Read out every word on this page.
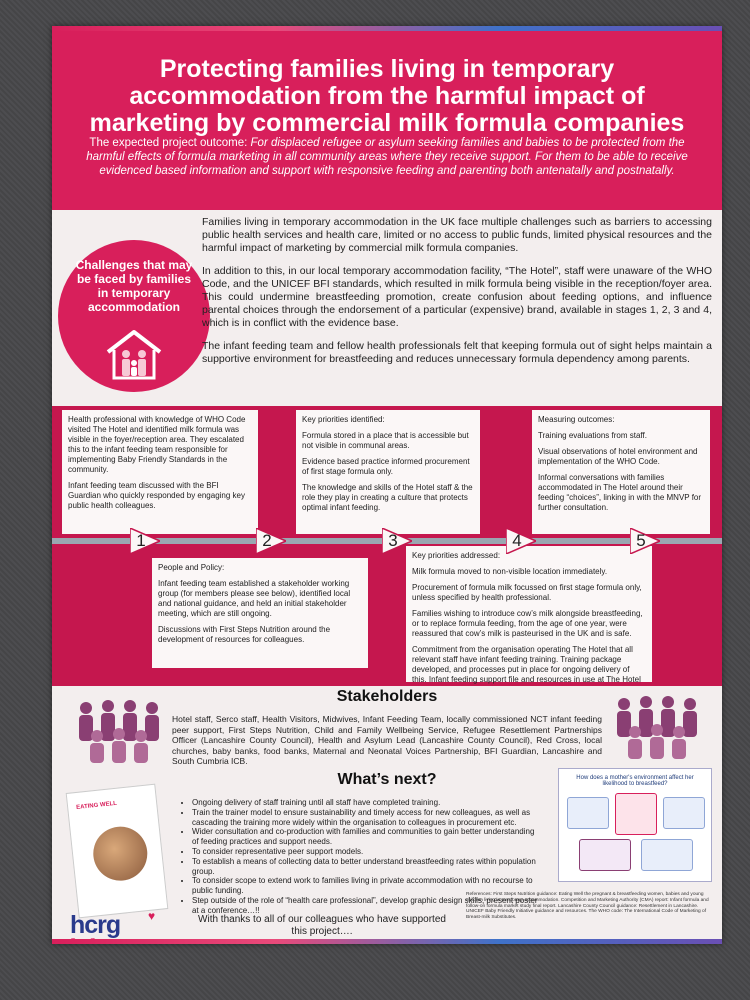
Protecting families living in temporary accommodation from the harmful impact of marketing by commercial milk formula companies
The expected project outcome: For displaced refugee or asylum seeking families and babies to be protected from the harmful effects of formula marketing in all community areas where they receive support. For them to be able to receive evidenced based information and support with responsive feeding and parenting both antenatally and postnatally.
Challenges that may be faced by families in temporary accommodation

Families living in temporary accommodation in the UK face multiple challenges such as barriers to accessing public health services and health care, limited or no access to public funds, limited physical resources and the harmful impact of marketing by commercial milk formula companies.

In addition to this, in our local temporary accommodation facility, “The Hotel”, staff were unaware of the WHO Code, and the UNICEF BFI standards, which resulted in milk formula being visible in the reception/foyer area. This could undermine breastfeeding promotion, create confusion about feeding options, and influence parental choices through the endorsement of a particular (expensive) brand, available in stages 1, 2, 3 and 4, which is in conflict with the evidence base.

The infant feeding team and fellow health professionals felt that keeping formula out of sight helps maintain a supportive environment for breastfeeding and reduces unnecessary formula dependency among parents.

Health professional with knowledge of WHO Code visited The Hotel and identified milk formula was visible in the foyer/reception area. They escalated this to the infant feeding team responsible for implementing Baby Friendly Standards in the community.

Infant feeding team discussed with the BFI Guardian who quickly responded by engaging key public health colleagues.

Key priorities identified:

Formula stored in a place that is accessible but not visible in communal areas.

Evidence based practice informed procurement of first stage formula only.

The knowledge and skills of the Hotel staff & the role they play in creating a culture that protects optimal infant feeding.

Measuring outcomes:

Training evaluations from staff.

Visual observations of hotel environment and implementation of the WHO Code.

Informal conversations with families accommodated in The Hotel around their feeding “choices”, linking in with the MNVP for further consultation.

People and Policy:

Infant feeding team established a stakeholder working group (for members please see below), identified local and national guidance, and held an initial stakeholder meeting, which are still ongoing.

Discussions with First Steps Nutrition around the development of resources for colleagues.

Key priorities addressed:

Milk formula moved to non-visible location immediately.

Procurement of formula milk focussed on first stage formula only, unless specified by health professional.

Families wishing to introduce cow’s milk alongside breastfeeding, or to replace formula feeding, from the age of one year, were reassured that cow’s milk is pasteurised in the UK and is safe.

Commitment from the organisation operating The Hotel that all relevant staff have infant feeding training. Training package developed, and processes put in place for ongoing delivery of this. Infant feeding support file and resources in use at The Hotel

1	2	3	4	5
Stakeholders
Hotel staff, Serco staff, Health Visitors, Midwives, Infant Feeding Team, locally commissioned NCT infant feeding peer support, First Steps Nutrition, Child and Family Wellbeing Service, Refugee Resettlement Partnerships Officer (Lancashire County Council), Health and Asylum Lead (Lancashire County Council), Red Cross, local churches, baby banks, food banks, Maternal and Neonatal Voices Partnership, BFI Guardian, Lancashire and South Cumbria ICB.
What’s next?
• Ongoing delivery of staff training until all staff have completed training.
• Train the trainer model to ensure sustainability and timely access for new colleagues, as well as cascading the training more widely within the organisation to colleagues in procurement etc.
• Wider consultation and co-production with families and communities to gain better understanding of feeding practices and support needs.
• To consider representative peer support models.
• To establish a means of collecting data to better understand breastfeeding rates within population group.
• To consider scope to extend work to families living in private accommodation with no recourse to public funding.
• Step outside of the role of “health care professional”, develop graphic design skills, present poster at a conference…!!
EATING WELL
How does a mother's environment affect her likelihood to breastfeed?
hcrg ♥	With thanks to all of our colleagues who have supported this project….
References: First Steps Nutrition guidance: Eating Well the pregnant & breastfeeding women, babies and young children living in temporary accommodation. Competition and Marketing Authority (CMA) report: Infant formula and follow-on formula market study final report. Lancashire County Council guidance: Resettlement in Lancashire. UNICEF Baby Friendly Initiative guidance and resources. The WHO code: The International Code of Marketing of Breast-milk Substitutes.
